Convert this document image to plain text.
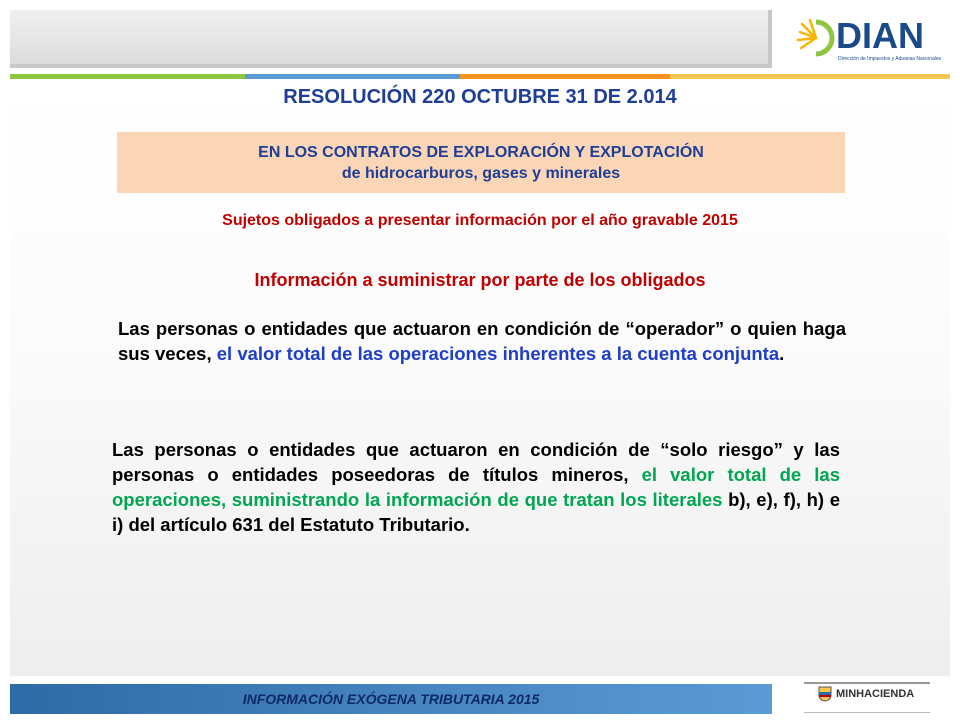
DIAN
Dirección de Impuestos y Aduanas Nacionales
RESOLUCIÓN 220 OCTUBRE 31 DE 2.014
EN LOS CONTRATOS DE EXPLORACIÓN Y EXPLOTACIÓN
de hidrocarburos, gases y minerales
Sujetos obligados a presentar información por el año gravable 2015
Información a suministrar por parte de los obligados
Las personas o entidades que actuaron en condición de “operador” o quien haga sus veces, el valor total de las operaciones inherentes a la cuenta conjunta.
Las personas o entidades que actuaron en condición de “solo riesgo” y las personas o entidades poseedoras de títulos mineros, el valor total de las operaciones, suministrando la información de que tratan los literales b), e), f), h) e i) del artículo 631 del Estatuto Tributario.
INFORMACIÓN EXÓGENA TRIBUTARIA 2015	MINHACIENDA
